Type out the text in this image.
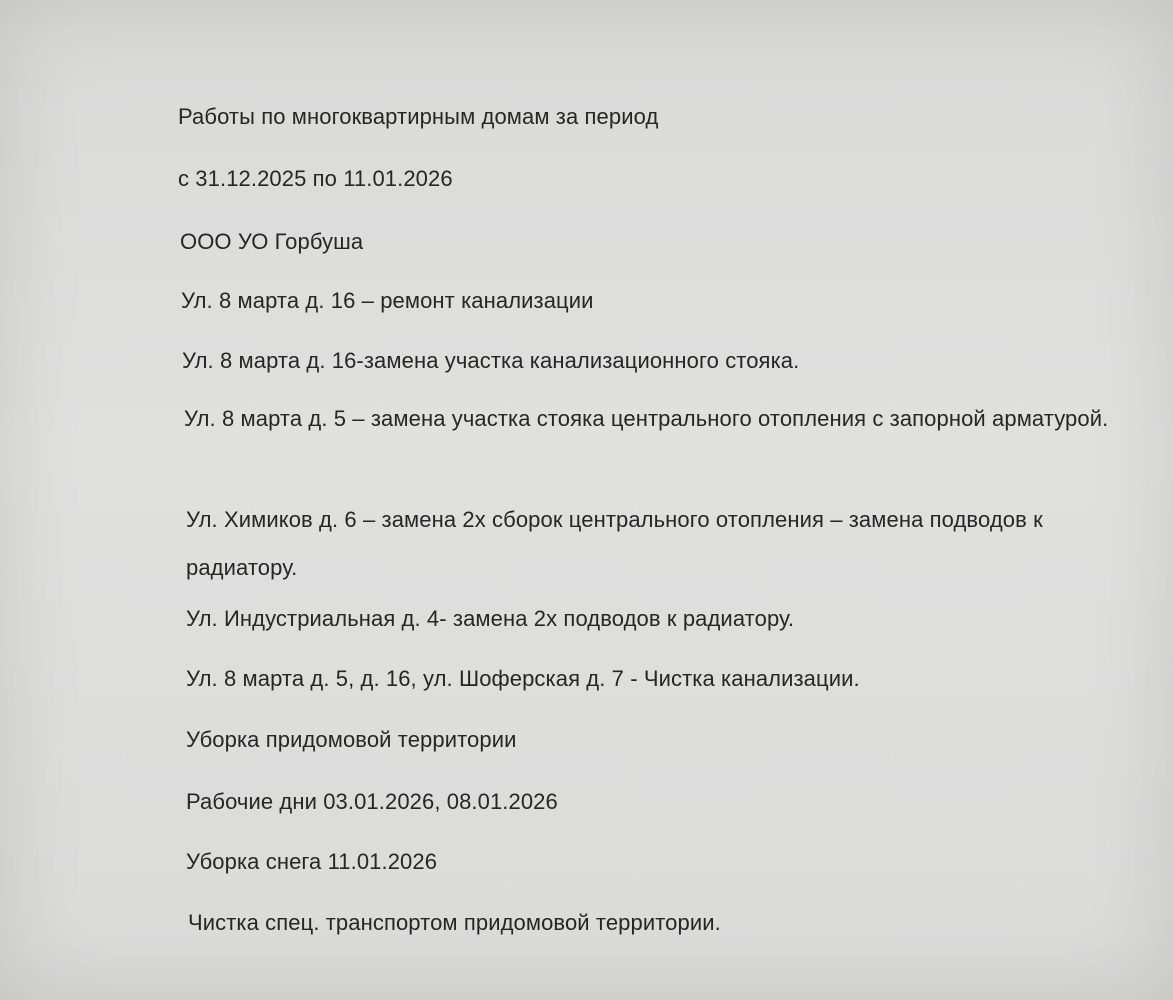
Работы по многоквартирным домам за период
с 31.12.2025 по 11.01.2026
ООО УО Горбуша
Ул. 8 марта д. 16 – ремонт канализации
Ул. 8 марта д. 16-замена участка канализационного стояка.
Ул. 8 марта д. 5 – замена участка стояка центрального отопления с запорной арматурой.
Ул. Химиков д. 6 – замена 2х сборок центрального отопления – замена подводов к радиатору.
Ул. Индустриальная д. 4- замена 2х подводов к радиатору.
Ул. 8 марта д. 5, д. 16, ул. Шоферская д. 7 - Чистка канализации.
Уборка придомовой территории
Рабочие дни 03.01.2026, 08.01.2026
Уборка снега 11.01.2026
Чистка спец. транспортом придомовой территории.
